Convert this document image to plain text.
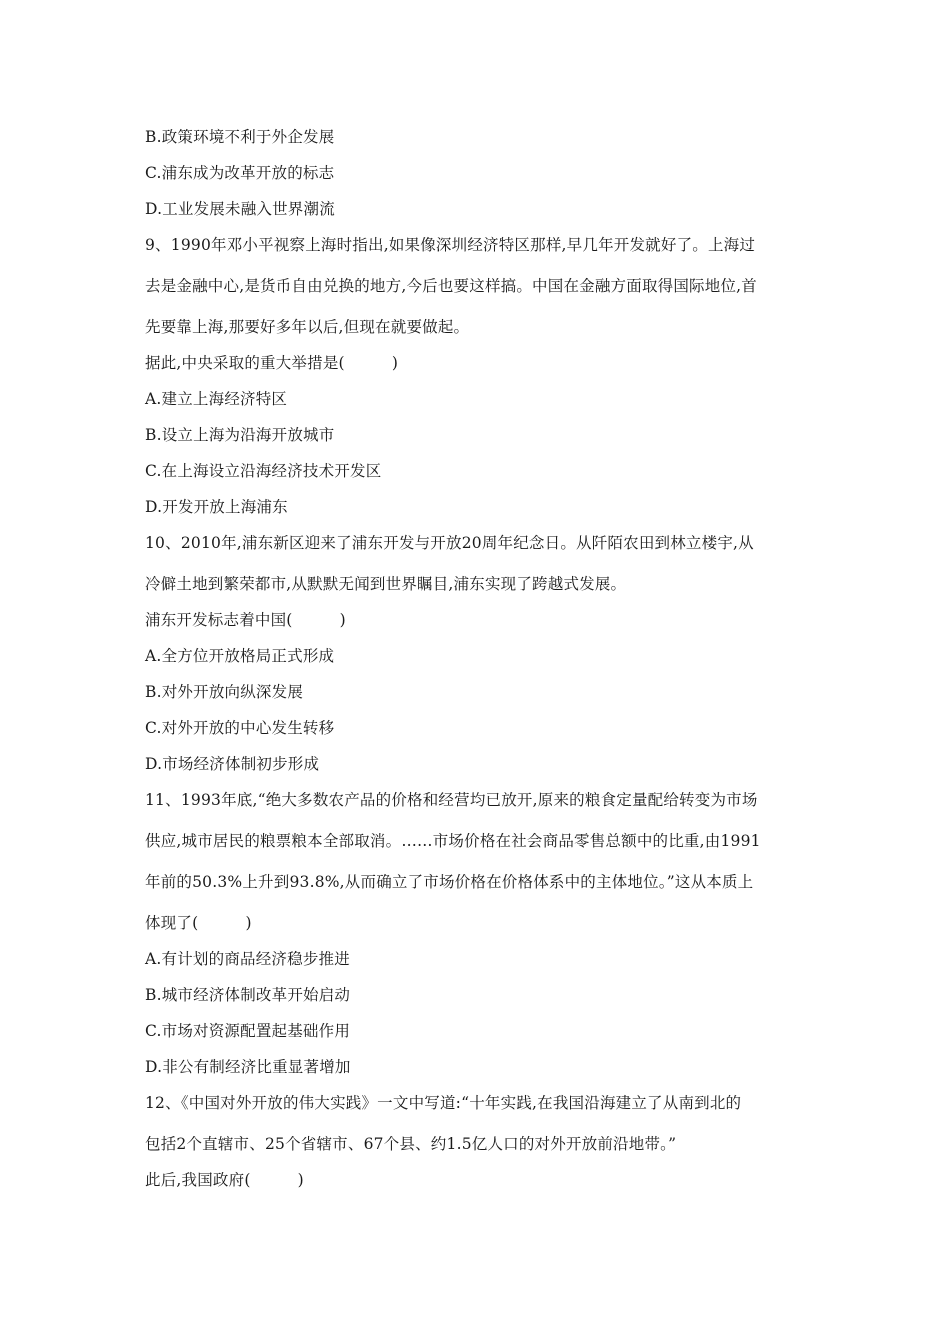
B.政策环境不利于外企发展
C.浦东成为改革开放的标志
D.工业发展未融入世界潮流
9、1990年邓小平视察上海时指出,如果像深圳经济特区那样,早几年开发就好了。上海过
去是金融中心,是货币自由兑换的地方,今后也要这样搞。中国在金融方面取得国际地位,首
先要靠上海,那要好多年以后,但现在就要做起。
据此,中央采取的重大举措是(　　　)
A.建立上海经济特区
B.设立上海为沿海开放城市
C.在上海设立沿海经济技术开发区
D.开发开放上海浦东
10、2010年,浦东新区迎来了浦东开发与开放20周年纪念日。从阡陌农田到林立楼宇,从
冷僻土地到繁荣都市,从默默无闻到世界瞩目,浦东实现了跨越式发展。
浦东开发标志着中国(　　　)
A.全方位开放格局正式形成
B.对外开放向纵深发展
C.对外开放的中心发生转移
D.市场经济体制初步形成
11、1993年底,“绝大多数农产品的价格和经营均已放开,原来的粮食定量配给转变为市场
供应,城市居民的粮票粮本全部取消。……市场价格在社会商品零售总额中的比重,由1991
年前的50.3%上升到93.8%,从而确立了市场价格在价格体系中的主体地位。”这从本质上
体现了(　　　)
A.有计划的商品经济稳步推进
B.城市经济体制改革开始启动
C.市场对资源配置起基础作用
D.非公有制经济比重显著增加
12、《中国对外开放的伟大实践》一文中写道:“十年实践,在我国沿海建立了从南到北的
包括2个直辖市、25个省辖市、67个县、约1.5亿人口的对外开放前沿地带。”
此后,我国政府(　　　)
